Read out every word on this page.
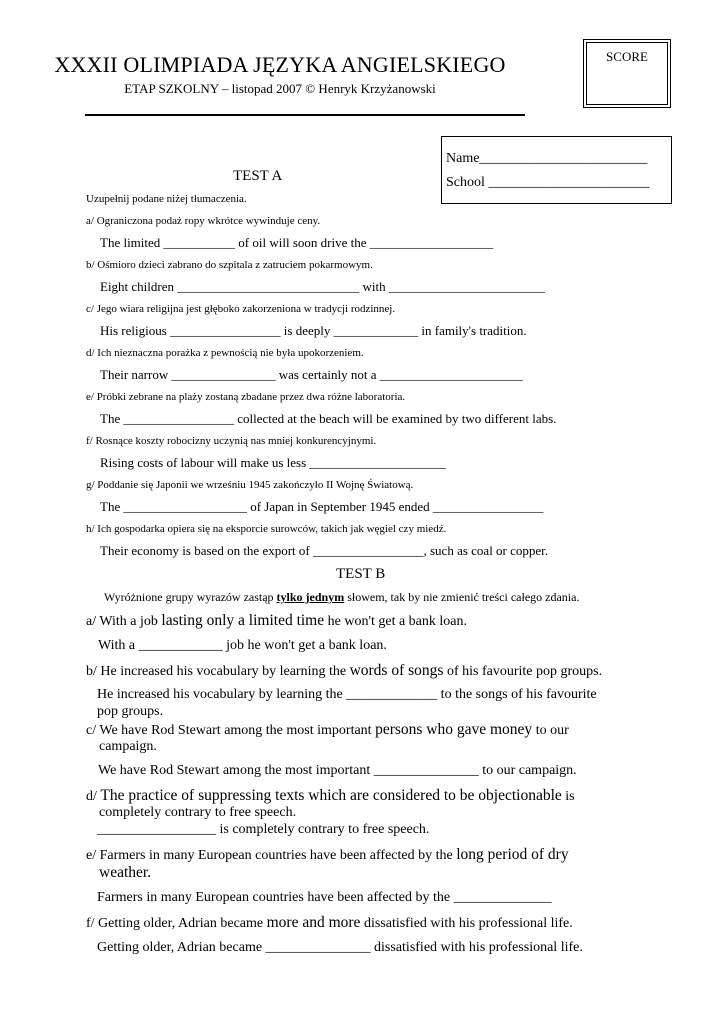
XXXII OLIMPIADA JĘZYKA ANGIELSKIEGO
ETAP SZKOLNY – listopad 2007 © Henryk Krzyżanowski
SCORE
Name________________________
School _______________________
TEST A
Uzupełnij podane niżej tłumaczenia.
a/ Ograniczona podaż ropy wkrótce wywinduje ceny.
The limited ___________ of oil will soon drive the ___________________
b/ Ośmioro dzieci zabrano do szpitala z zatruciem pokarmowym.
Eight children ____________________________ with ________________________
c/ Jego wiara religijna jest głęboko zakorzeniona w tradycji rodzinnej.
His religious _________________ is deeply _____________ in family's tradition.
d/ Ich nieznaczna porażka z pewnością nie była upokorzeniem.
Their narrow ________________ was certainly not a ______________________
e/ Próbki zebrane na plaży zostaną zbadane przez dwa różne laboratoria.
The _________________ collected at the beach will be examined by two different labs.
f/ Rosnące koszty robocizny uczynią nas mniej konkurencyjnymi.
Rising costs of labour will make us less _____________________
g/ Poddanie się Japonii we wrześniu 1945 zakończyło II Wojnę Światową.
The ___________________ of Japan in September 1945 ended _________________
h/ Ich gospodarka opiera się na eksporcie surowców, takich jak węgiel czy miedź.
Their economy is based on the export of _________________, such as coal or copper.
TEST B
Wyróżnione grupy wyrazów zastąp tylko jednym słowem, tak by nie zmienić treści całego zdania.
a/ With a job lasting only a limited time he won't get a bank loan.
With a ____________ job he won't get a bank loan.
b/ He increased his vocabulary by learning the words of songs of his favourite pop groups.
He increased his vocabulary by learning the _____________ to the songs of his favourite
pop groups.
c/ We have Rod Stewart among the most important persons who gave money to our
campaign.
We have Rod Stewart among the most important _______________ to our campaign.
d/ The practice of suppressing texts which are considered to be objectionable is
completely contrary to free speech.
_________________ is completely contrary to free speech.
e/ Farmers in many European countries have been affected by the long period of dry
weather.
Farmers in many European countries have been affected by the ______________
f/ Getting older, Adrian became more and more dissatisfied with his professional life.
Getting older, Adrian became _______________ dissatisfied with his professional life.
